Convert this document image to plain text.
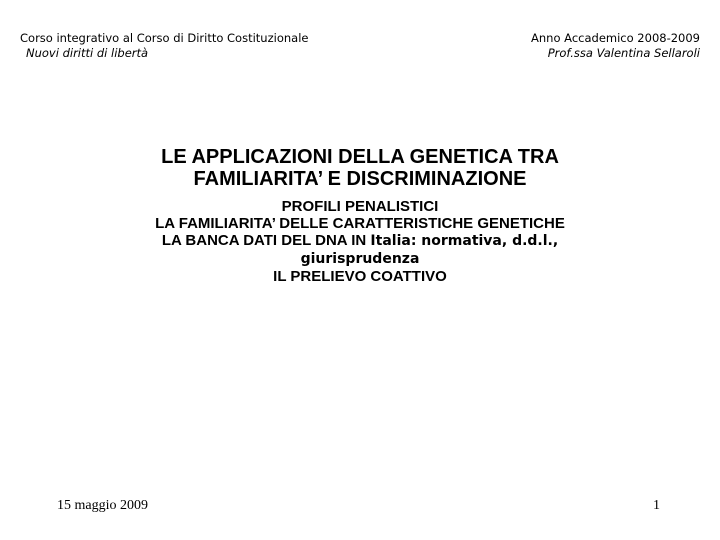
Corso integrativo al Corso di Diritto Costituzionale
Nuovi diritti di libertà
Anno Accademico 2008-2009
Prof.ssa Valentina Sellaroli
LE APPLICAZIONI DELLA GENETICA TRA
FAMILIARITA’ E DISCRIMINAZIONE

PROFILI PENALISTICI

LA FAMILIARITA’ DELLE CARATTERISTICHE GENETICHE

LA BANCA DATI DEL DNA IN Italia: normativa, d.d.l., giurisprudenza

IL PRELIEVO COATTIVO

15 maggio 2009	1
